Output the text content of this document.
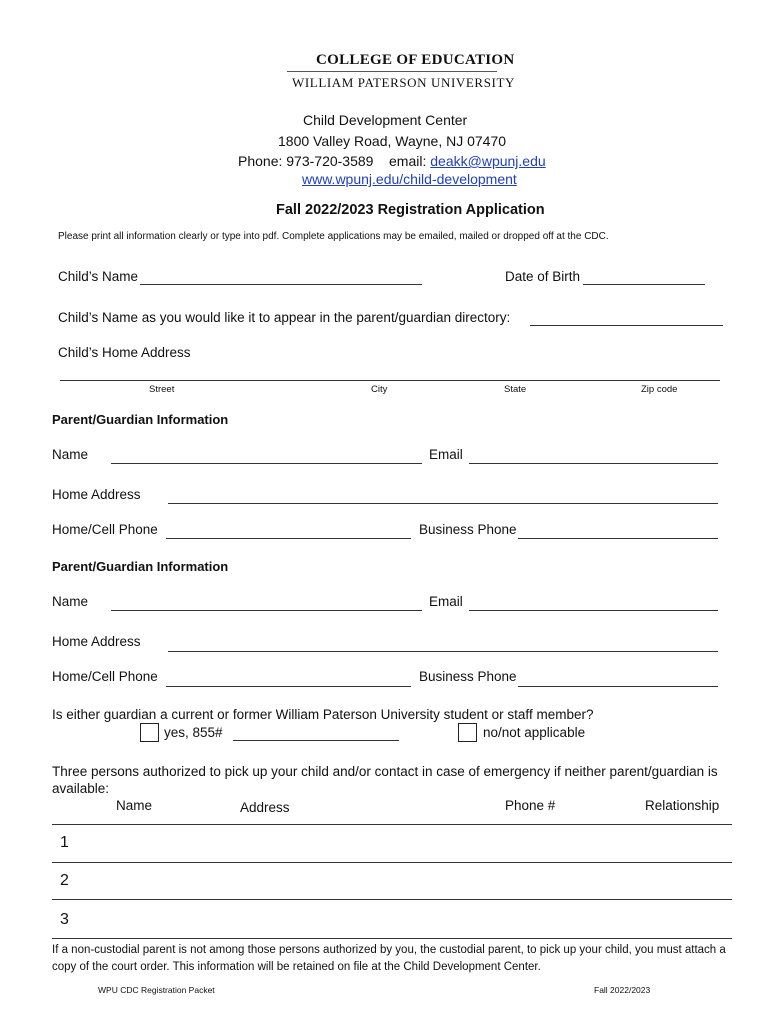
COLLEGE OF EDUCATION
WILLIAM PATERSON UNIVERSITY
Child Development Center
1800 Valley Road, Wayne, NJ 07470
Phone: 973-720-3589 email: deakk@wpunj.edu
www.wpunj.edu/child-development
Fall 2022/2023 Registration Application
Please print all information clearly or type into pdf. Complete applications may be emailed, mailed or dropped off at the CDC.
Child’s Name	Date of Birth
Child’s Name as you would like it to appear in the parent/guardian directory:
Child’s Home Address
Street	City	State	Zip code
Parent/Guardian Information
Name	Email
Home Address
Home/Cell Phone	Business Phone
Parent/Guardian Information
Name	Email
Home Address
Home/Cell Phone	Business Phone
Is either guardian a current or former William Paterson University student or staff member?
yes, 855#	no/not applicable
Three persons authorized to pick up your child and/or contact in case of emergency if neither parent/guardian is available:
Name	Address	Phone #	Relationship
1
2
3
If a non-custodial parent is not among those persons authorized by you, the custodial parent, to pick up your child, you must attach a copy of the court order. This information will be retained on file at the Child Development Center.
WPU CDC Registration Packet	Fall 2022/2023
